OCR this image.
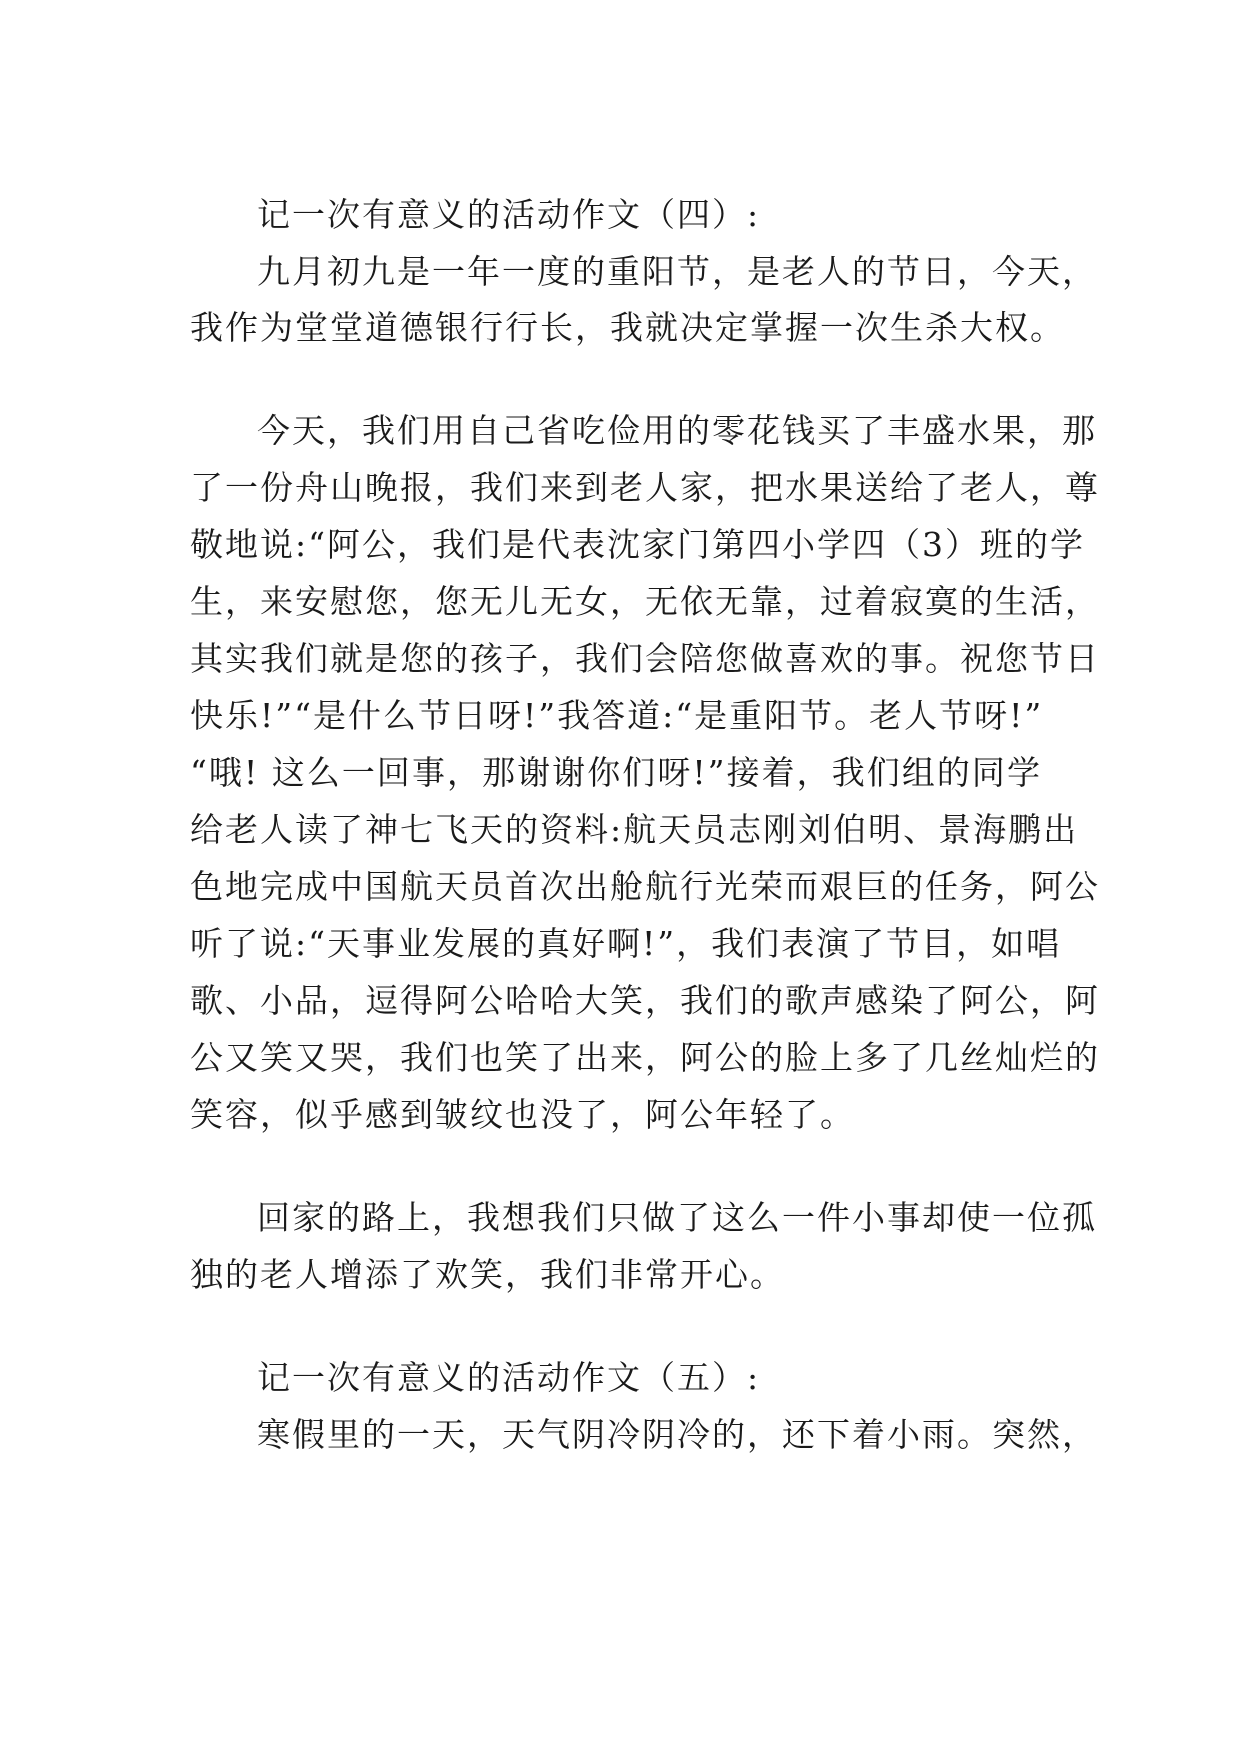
记一次有意义的活动作文（四）:
九月初九是一年一度的重阳节，是老人的节日，今天，
我作为堂堂道德银行行长，我就决定掌握一次生杀大权。
今天，我们用自己省吃俭用的零花钱买了丰盛水果，那
了一份舟山晚报，我们来到老人家，把水果送给了老人，尊
敬地说:“阿公，我们是代表沈家门第四小学四（3）班的学
生，来安慰您，您无儿无女，无依无靠，过着寂寞的生活，
其实我们就是您的孩子，我们会陪您做喜欢的事。祝您节日
快乐!”“是什么节日呀!”我答道:“是重阳节。老人节呀!”
“哦! 这么一回事，那谢谢你们呀!”接着，我们组的同学
给老人读了神七飞天的资料:航天员志刚刘伯明、景海鹏出
色地完成中国航天员首次出舱航行光荣而艰巨的任务，阿公
听了说:“天事业发展的真好啊!”，我们表演了节目，如唱
歌、小品，逗得阿公哈哈大笑，我们的歌声感染了阿公，阿
公又笑又哭，我们也笑了出来，阿公的脸上多了几丝灿烂的
笑容，似乎感到皱纹也没了，阿公年轻了。
回家的路上，我想我们只做了这么一件小事却使一位孤
独的老人增添了欢笑，我们非常开心。
记一次有意义的活动作文（五）:
寒假里的一天，天气阴冷阴冷的，还下着小雨。突然，
